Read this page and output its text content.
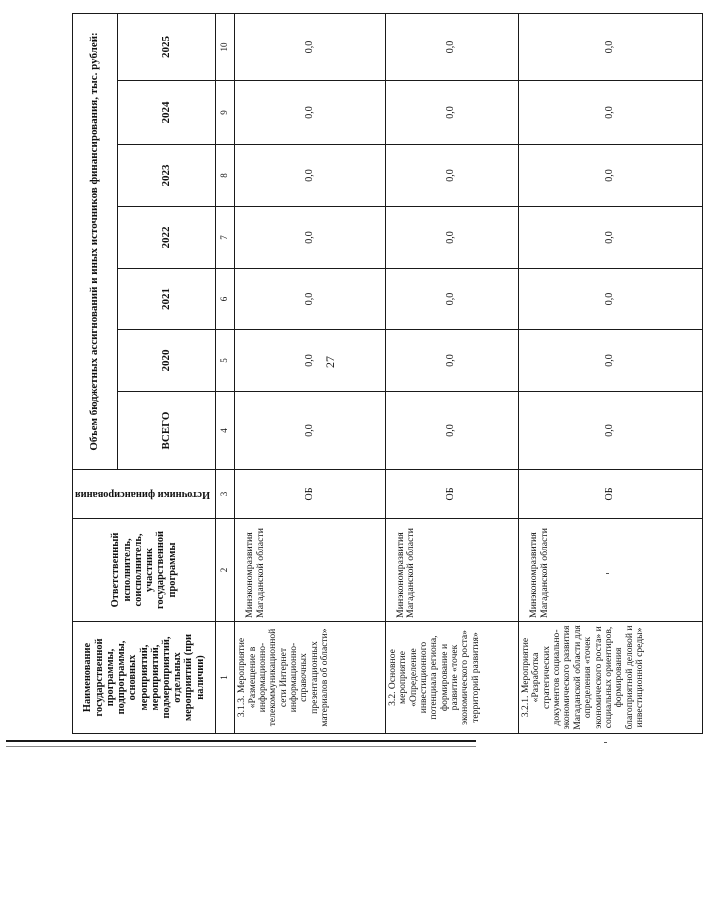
27
Наименование государственной программы, подпрограммы, основных мероприятий, мероприятий, подмероприятий, отдельных мероприятий (при наличии)	Ответственный исполнитель, соисполнитель, участник государственной программы	Источники финансирования	Объем бюджетных ассигнований и иных источников финансирования, тыс. рублей:						
			ВСЕГО	2020	2021	2022	2023	2024	2025
1	2	3	4	5	6	7	8	9	10
3.1.3. Мероприятие «Размещение в информационно-телекоммуникационной сети Интернет информационно-справочных презентационных материалов об области»	Минэкономразвития Магаданской области	ОБ	0,0	0,0	0,0	0,0	0,0	0,0	0,0
3.2. Основное мероприятие «Определение инвестиционного потенциала региона, формирование и развитие «точек экономического роста» территорий развития»	Минэкономразвития Магаданской области	ОБ	0,0	0,0	0,0	0,0	0,0	0,0	0,0
3.2.1. Мероприятие «Разработка стратегических документов социально-экономического развития Магаданской области для определения «точек экономического роста» и социальных ориентиров, формирования благоприятной деловой и инвестиционной среды»	Минэкономразвития Магаданской области	ОБ	0,0	0,0	0,0	0,0	0,0	0,0	0,0
